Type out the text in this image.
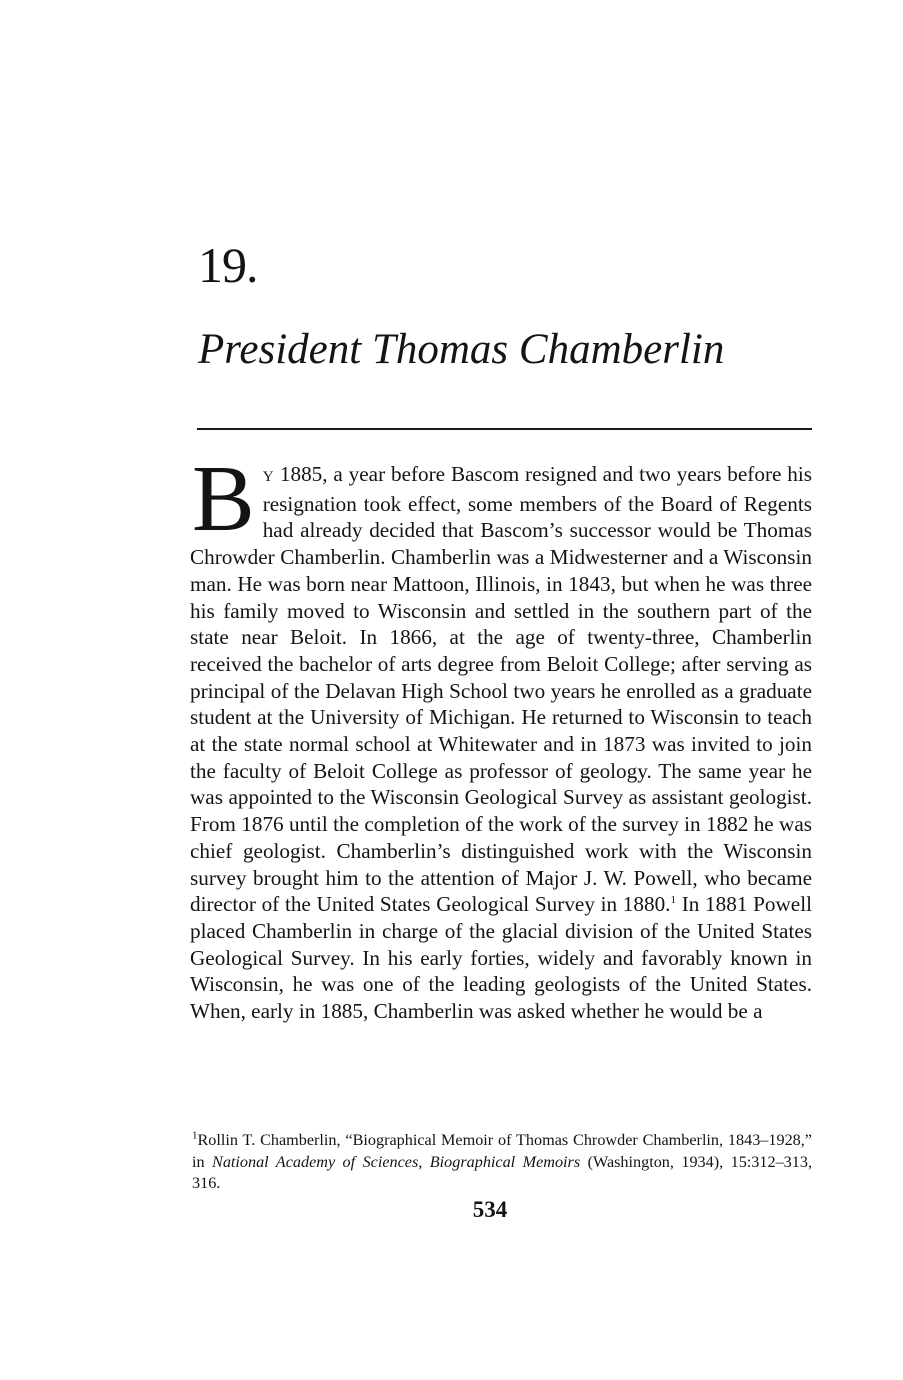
19.
President Thomas Chamberlin
B Y 1885, a year before Bascom resigned and two years before his resignation took effect, some members of the Board of Regents had already decided that Bascom’s successor would be Thomas Chrowder Chamberlin. Chamberlin was a Midwesterner and a Wisconsin man. He was born near Mattoon, Illinois, in 1843, but when he was three his family moved to Wisconsin and settled in the southern part of the state near Beloit. In 1866, at the age of twenty-three, Chamberlin received the bachelor of arts degree from Beloit College; after serving as principal of the Delavan High School two years he enrolled as a graduate student at the University of Michigan. He returned to Wisconsin to teach at the state normal school at Whitewater and in 1873 was invited to join the faculty of Beloit College as professor of geology. The same year he was appointed to the Wisconsin Geological Survey as assistant geologist. From 1876 until the completion of the work of the survey in 1882 he was chief geologist. Chamberlin’s distinguished work with the Wisconsin survey brought him to the attention of Major J. W. Powell, who became director of the United States Geological Survey in 1880.$^1$ In 1881 Powell placed Chamberlin in charge of the glacial division of the United States Geological Survey. In his early forties, widely and favorably known in Wisconsin, he was one of the leading geologists of the United States. When, early in 1885, Chamberlin was asked whether he would be a
$^1$Rollin T. Chamberlin, “Biographical Memoir of Thomas Chrowder Chamberlin, 1843–1928,” in National Academy of Sciences, Biographical Memoirs (Washington, 1934), 15:312–313, 316.
534
